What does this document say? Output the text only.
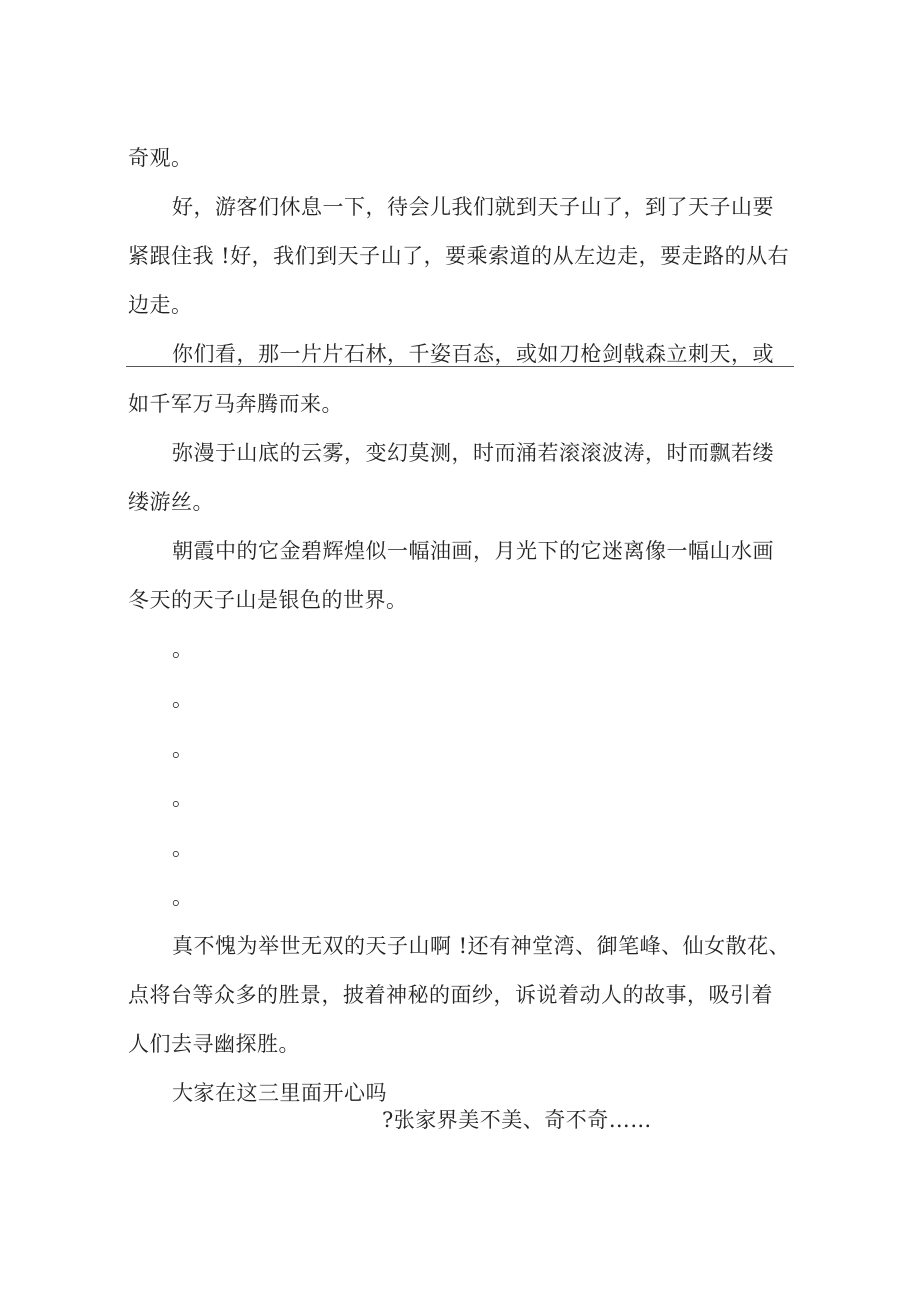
奇观。
好，游客们休息一下，待会儿我们就到天子山了，到了天子山要
紧跟住我 !好，我们到天子山了，要乘索道的从左边走，要走路的从右
边走。
你们看，那一片片石林，千姿百态，或如刀枪剑戟森立刺天，或
如千军万马奔腾而来。
弥漫于山底的云雾，变幻莫测，时而涌若滚滚波涛，时而飘若缕
缕游丝。
朝霞中的它金碧辉煌似一幅油画，月光下的它迷离像一幅山水画
冬天的天子山是银色的世界。
。
。
。
。
。
。
真不愧为举世无双的天子山啊 !还有神堂湾、御笔峰、仙女散花、
点将台等众多的胜景，披着神秘的面纱，诉说着动人的故事，吸引着
人们去寻幽探胜。
大家在这三里面开心吗
?张家界美不美、奇不奇……
